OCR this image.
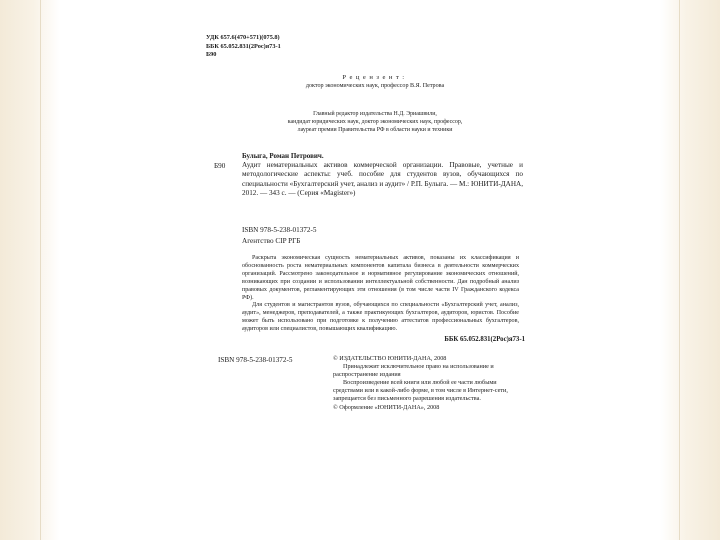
УДК 657.6(470+571)(075.8)
ББК 65.052.831(2Рос)я73-1
Б90
Рецензент:
доктор экономических наук, профессор В.Я. Петрова
Главный редактор издательства Н.Д. Эриашвили,
кандидат юридических наук, доктор экономических наук, профессор,
лауреат премии Правительства РФ в области науки и техники
Б90
Булыга, Роман Петрович.
Аудит нематериальных активов коммерческой организации. Правовые, учетные и методологические аспекты: учеб. пособие для студентов вузов, обучающихся по специальности «Бухгалтерский учет, анализ и аудит» / Р.П. Булыга. — М.: ЮНИТИ-ДАНА, 2012. — 343 с. — (Серия «Magister»)
ISBN 978-5-238-01372-5
Агентство CIP РГБ

Раскрыта экономическая сущность нематериальных активов, показаны их классификация и обоснованность роста нематериальных компонентов капитала бизнеса в деятельности коммерческих организаций. Рассмотрено законодательное и нормативное регулирование экономических отношений, возникающих при создании и использовании интеллектуальной собственности. Дан подробный анализ правовых документов, регламентирующих эти отношения (в том числе части IV Гражданского кодекса РФ).

Для студентов и магистрантов вузов, обучающихся по специальности «Бухгалтерский учет, анализ, аудит», менеджеров, преподавателей, а также практикующих бухгалтеров, аудиторов, юристов. Пособие может быть использовано при подготовке к получению аттестатов профессиональных бухгалтеров, аудиторов или специалистов, повышающих квалификацию.

ББК 65.052.831(2Рос)я73-1
ISBN 978-5-238-01372-5	© ИЗДАТЕЛЬСТВО ЮНИТИ-ДАНА, 2008

Принадлежит исключительное право на использование и распространение издания

Воспроизведение всей книги или любой ее части любыми средствами или в какой-либо форме, в том числе в Интернет-сети, запрещается без письменного разрешения издательства.

© Оформление «ЮНИТИ-ДАНА», 2008
